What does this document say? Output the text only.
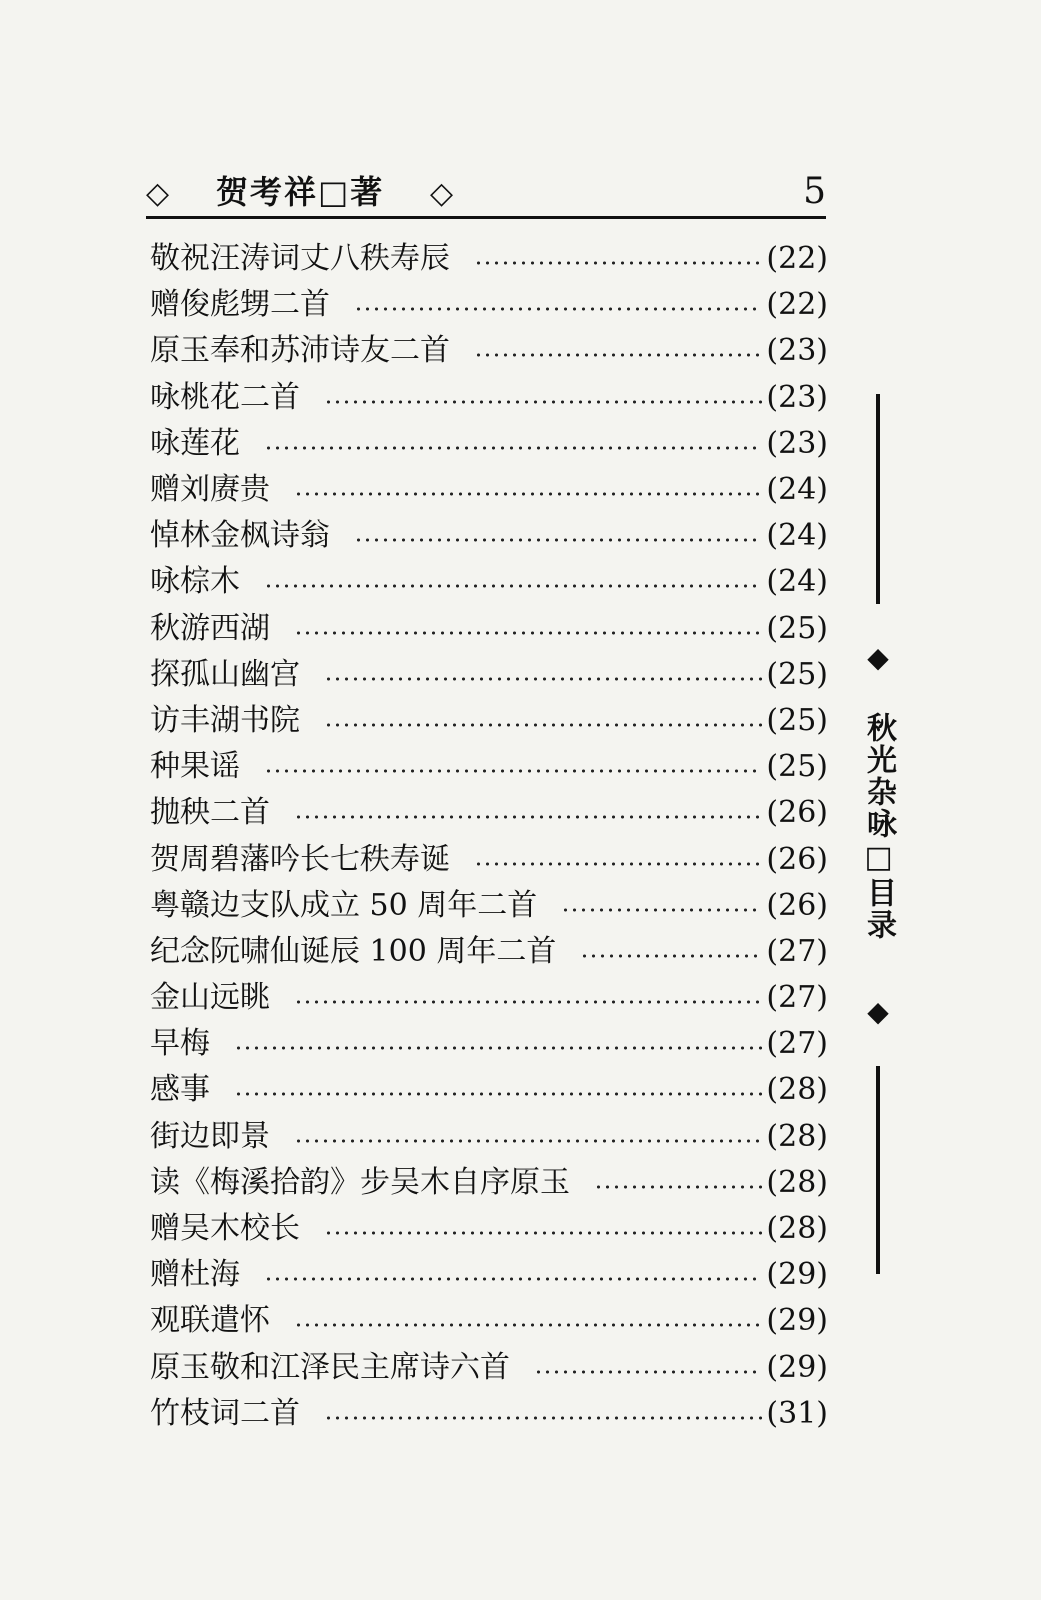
◇ 贺考祥□著 ◇	5
敬祝汪涛词丈八秩寿辰	(22)
赠俊彪甥二首	(22)
原玉奉和苏沛诗友二首	(23)
咏桃花二首	(23)
咏莲花	(23)
赠刘赓贵	(24)
悼林金枫诗翁	(24)
咏棕木	(24)
秋游西湖	(25)
探孤山幽宫	(25)
访丰湖书院	(25)
种果谣	(25)
抛秧二首	(26)
贺周碧藩吟长七秩寿诞	(26)
粤赣边支队成立 50 周年二首	(26)
纪念阮啸仙诞辰 100 周年二首	(27)
金山远眺	(27)
早梅	(27)
感事	(28)
街边即景	(28)
读《梅溪拾韵》步吴木自序原玉	(28)
赠吴木校长	(28)
赠杜海	(29)
观联遣怀	(29)
原玉敬和江泽民主席诗六首	(29)
竹枝词二首	(31)
◆
秋光杂咏□目录
◆
